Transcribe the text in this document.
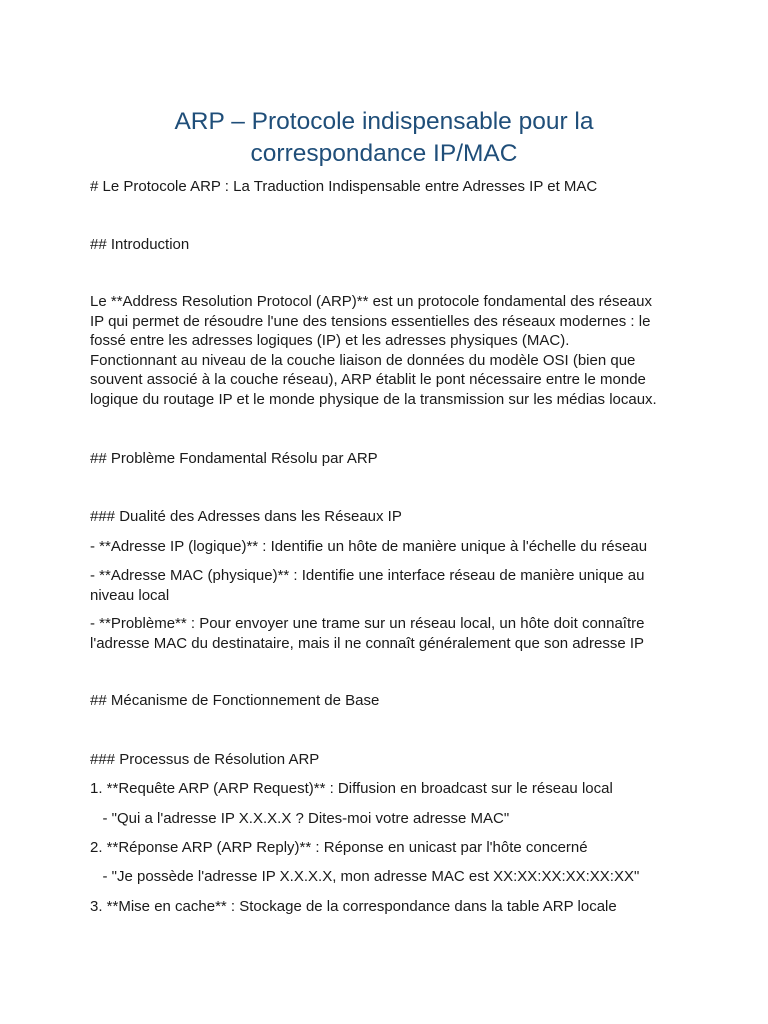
ARP – Protocole indispensable pour la
correspondance IP/MAC
# Le Protocole ARP : La Traduction Indispensable entre Adresses IP et MAC
## Introduction
Le **Address Resolution Protocol (ARP)** est un protocole fondamental des réseaux
IP qui permet de résoudre l'une des tensions essentielles des réseaux modernes : le
fossé entre les adresses logiques (IP) et les adresses physiques (MAC).
Fonctionnant au niveau de la couche liaison de données du modèle OSI (bien que
souvent associé à la couche réseau), ARP établit le pont nécessaire entre le monde
logique du routage IP et le monde physique de la transmission sur les médias locaux.
## Problème Fondamental Résolu par ARP
### Dualité des Adresses dans les Réseaux IP
- **Adresse IP (logique)** : Identifie un hôte de manière unique à l'échelle du réseau
- **Adresse MAC (physique)** : Identifie une interface réseau de manière unique au
niveau local
- **Problème** : Pour envoyer une trame sur un réseau local, un hôte doit connaître
l'adresse MAC du destinataire, mais il ne connaît généralement que son adresse IP
## Mécanisme de Fonctionnement de Base
### Processus de Résolution ARP
1. **Requête ARP (ARP Request)** : Diffusion en broadcast sur le réseau local
- "Qui a l'adresse IP X.X.X.X ? Dites-moi votre adresse MAC"
2. **Réponse ARP (ARP Reply)** : Réponse en unicast par l'hôte concerné
- "Je possède l'adresse IP X.X.X.X, mon adresse MAC est XX:XX:XX:XX:XX:XX"
3. **Mise en cache** : Stockage de la correspondance dans la table ARP locale
